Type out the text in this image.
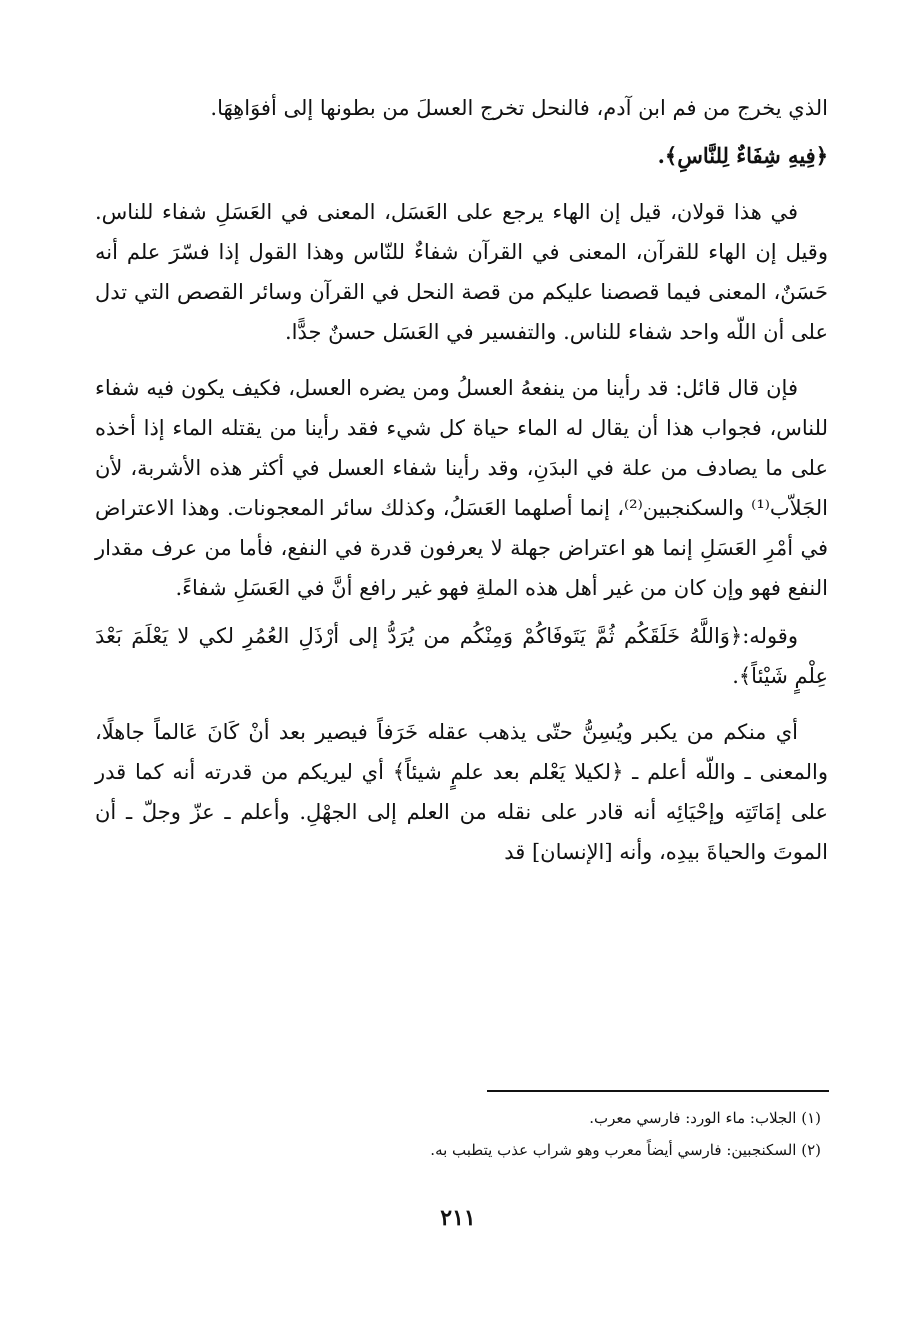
الذي يخرج من فم ابن آدم، فالنحل تخرج العسلَ من بطونها إلى أفوَاهِهَا.

﴿فِيهِ شِفَاءٌ لِلنَّاسِ﴾.

في هذا قولان، قيل إن الهاء يرجع على العَسَل، المعنى في العَسَلِ شفاء للناس. وقيل إن الهاء للقرآن، المعنى في القرآن شفاءٌ للنّاس وهذا القول إذا فسّرَ علم أنه حَسَنٌ، المعنى فيما قصصنا عليكم من قصة النحل في القرآن وسائر القصص التي تدل على أن اللّه واحد شفاء للناس. والتفسير في العَسَل حسنٌ جدًّا.

فإن قال قائل: قد رأينا من ينفعهُ العسلُ ومن يضره العسل، فكيف يكون فيه شفاء للناس، فجواب هذا أن يقال له الماء حياة كل شيء فقد رأينا من يقتله الماء إذا أخذه على ما يصادف من علة في البدَنِ، وقد رأينا شفاء العسل في أكثر هذه الأشربة، لأن الجَلاّب⁽¹⁾ والسكنجبين⁽²⁾، إنما أصلهما العَسَلُ، وكذلك سائر المعجونات. وهذا الاعتراض في أمْرِ العَسَلِ إنما هو اعتراض جهلة لا يعرفون قدرة في النفع، فأما من عرف مقدار النفع فهو وإن كان من غير أهل هذه الملةِ فهو غير رافع أنَّ في العَسَلِ شفاءً.

وقوله:﴿وَاللَّهُ خَلَقَكُم ثُمَّ يَتَوفَاكُمْ وَمِنْكُم من يُرَدُّ إلى أرْذَلِ العُمُرِ لكي لا يَعْلَمَ بَعْدَ عِلْمٍ شَيْئاً﴾.

أي منكم من يكبر ويُسِنُّ حتّى يذهب عقله خَرَفاً فيصير بعد أنْ كَانَ عَالماً جاهلًا، والمعنى ـ واللّه أعلم ـ ﴿لكيلا يَعْلم بعد علمٍ شيئاً﴾ أي ليريكم من قدرته أنه كما قدر على إمَاتَتِه وإحْيَائِه أنه قادر على نقله من العلم إلى الجهْلِ. وأعلم ـ عزّ وجلّ ـ أن الموتَ والحياةَ بيدِه، وأنه [الإنسان] قد

(١) الجلاب: ماء الورد: فارسي معرب.

(٢) السكنجبين: فارسي أيضاً معرب وهو شراب عذب يتطبب به.

٢١١
